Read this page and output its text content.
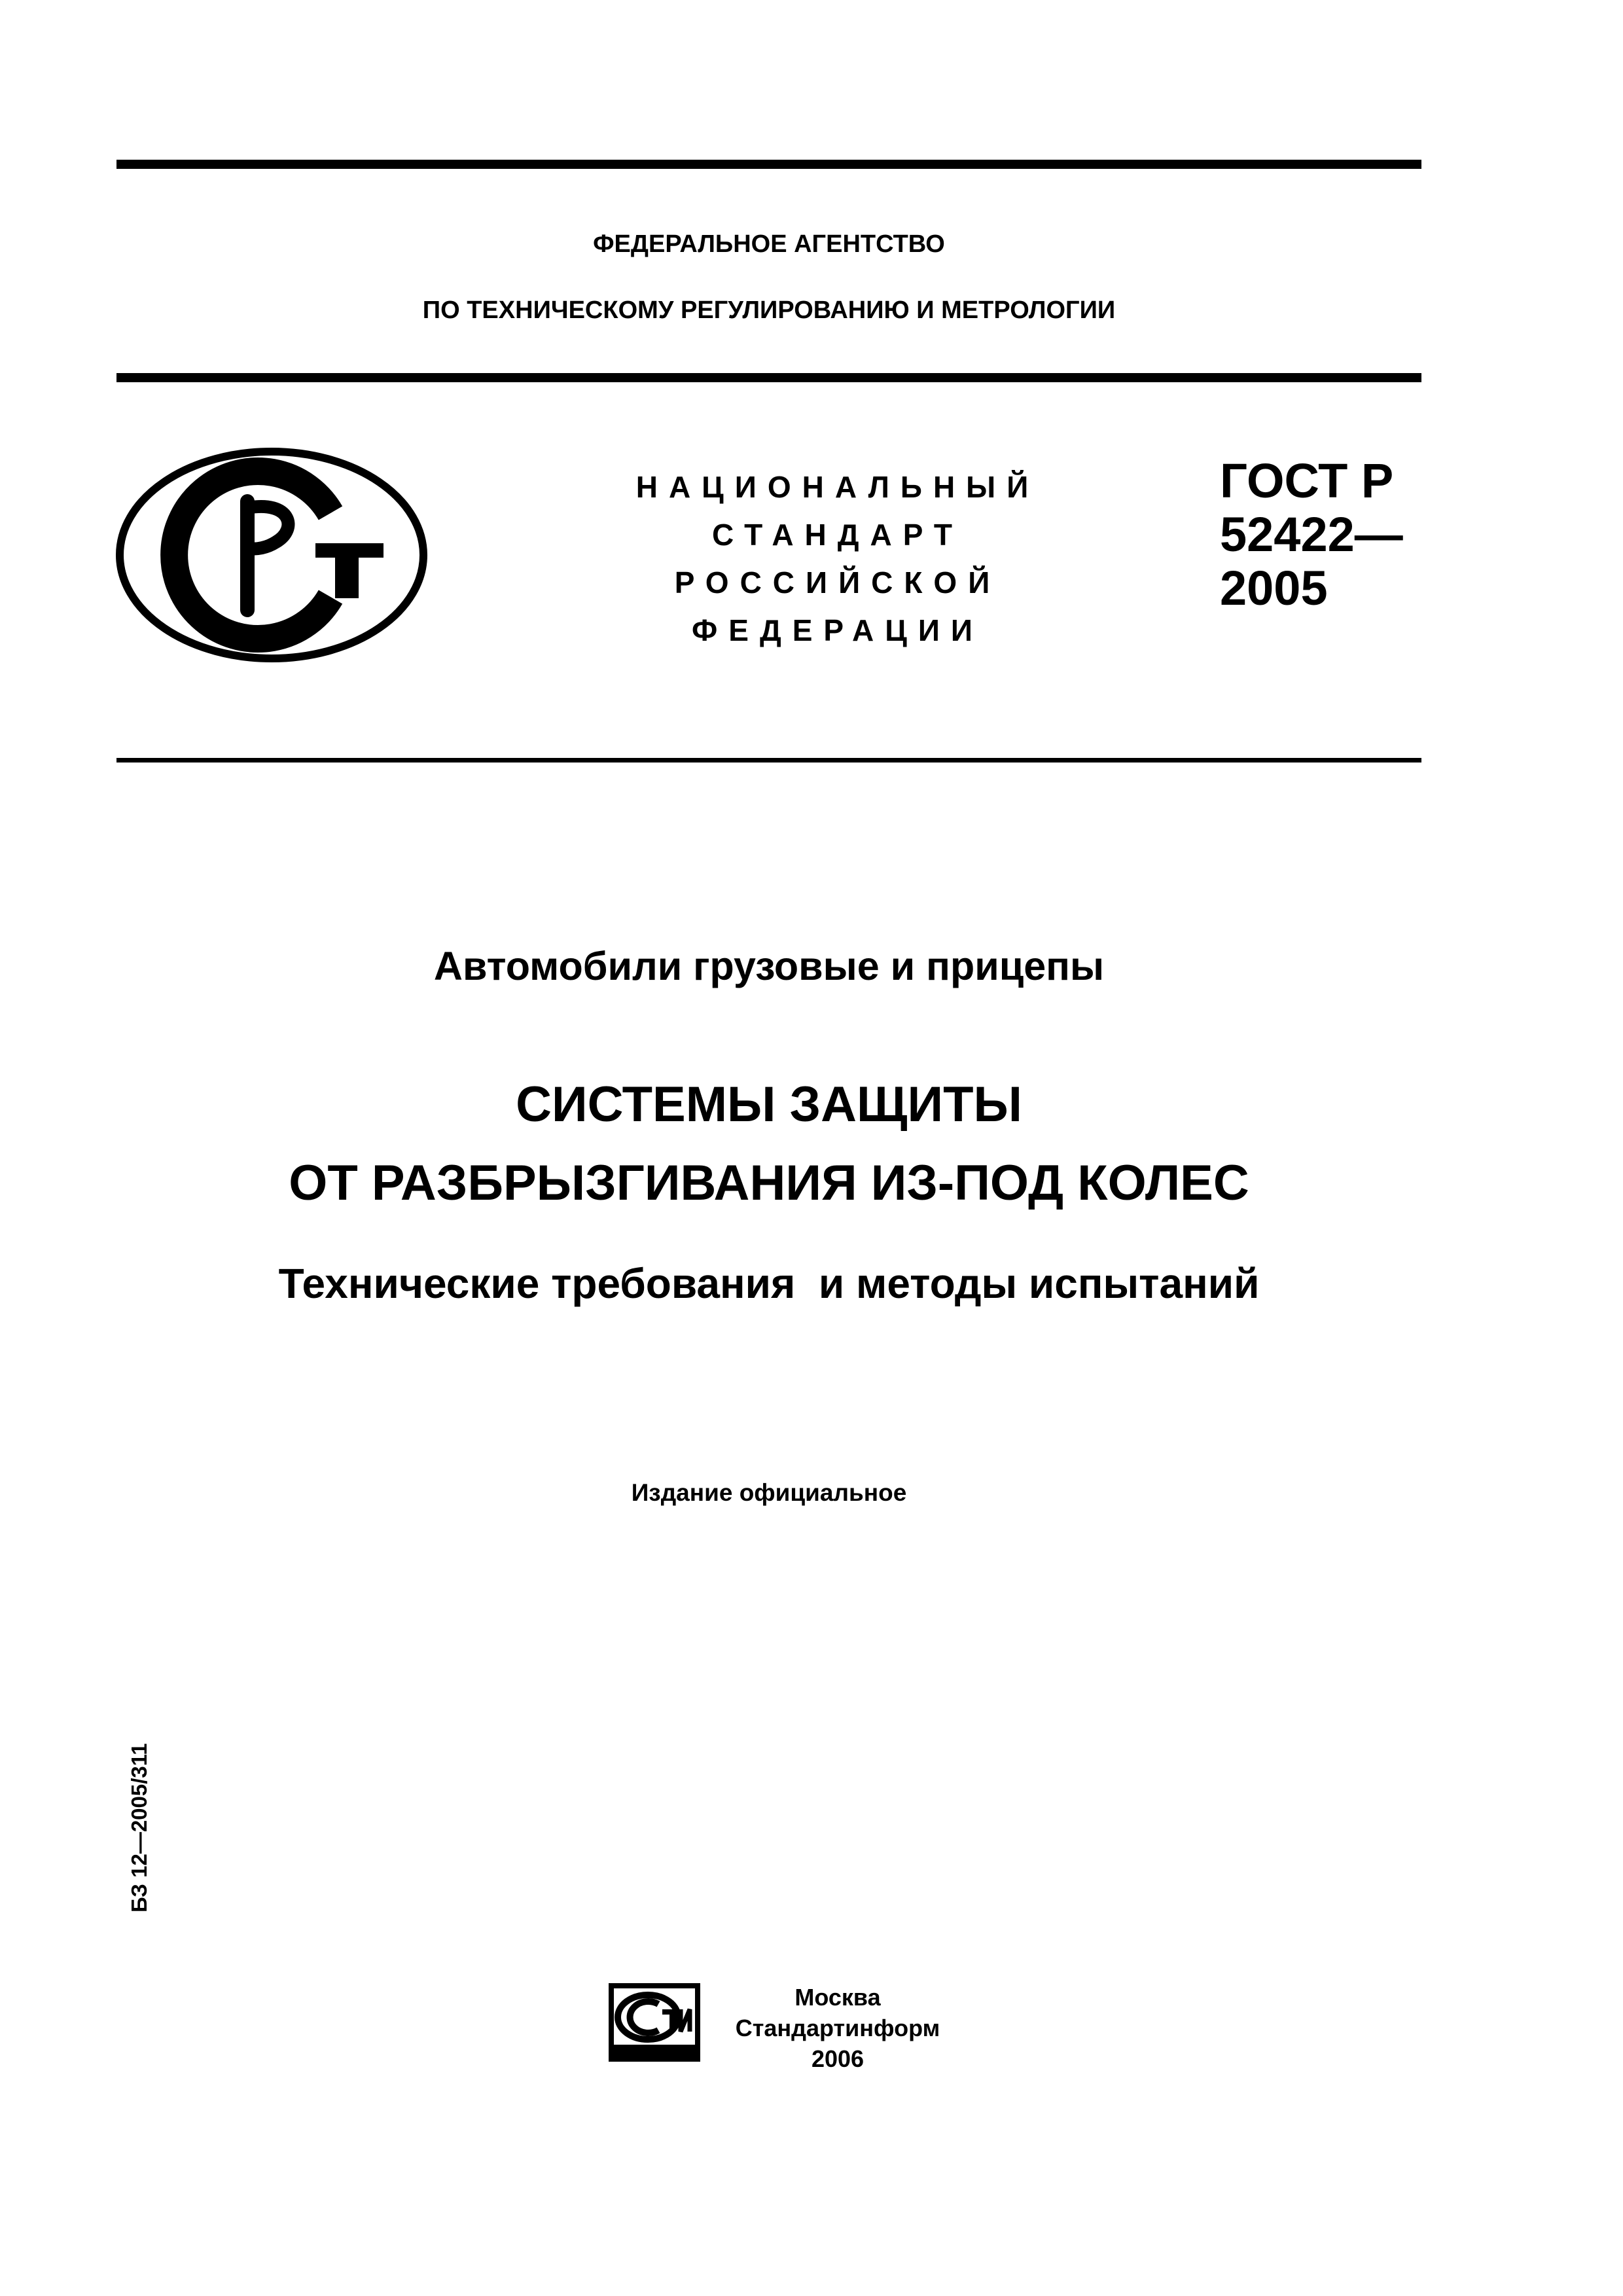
ФЕДЕРАЛЬНОЕ АГЕНТСТВО
ПО ТЕХНИЧЕСКОМУ РЕГУЛИРОВАНИЮ И МЕТРОЛОГИИ
НАЦИОНАЛЬНЫЙ
СТАНДАРТ
РОССИЙСКОЙ
ФЕДЕРАЦИИ
ГОСТ Р
52422—
2005
Автомобили грузовые и прицепы
СИСТЕМЫ ЗАЩИТЫ
ОТ РАЗБРЫЗГИВАНИЯ ИЗ-ПОД КОЛЕС
Технические требования  и методы испытаний
Издание официальное
БЗ 12—2005/311
Москва
Стандартинформ
2006
